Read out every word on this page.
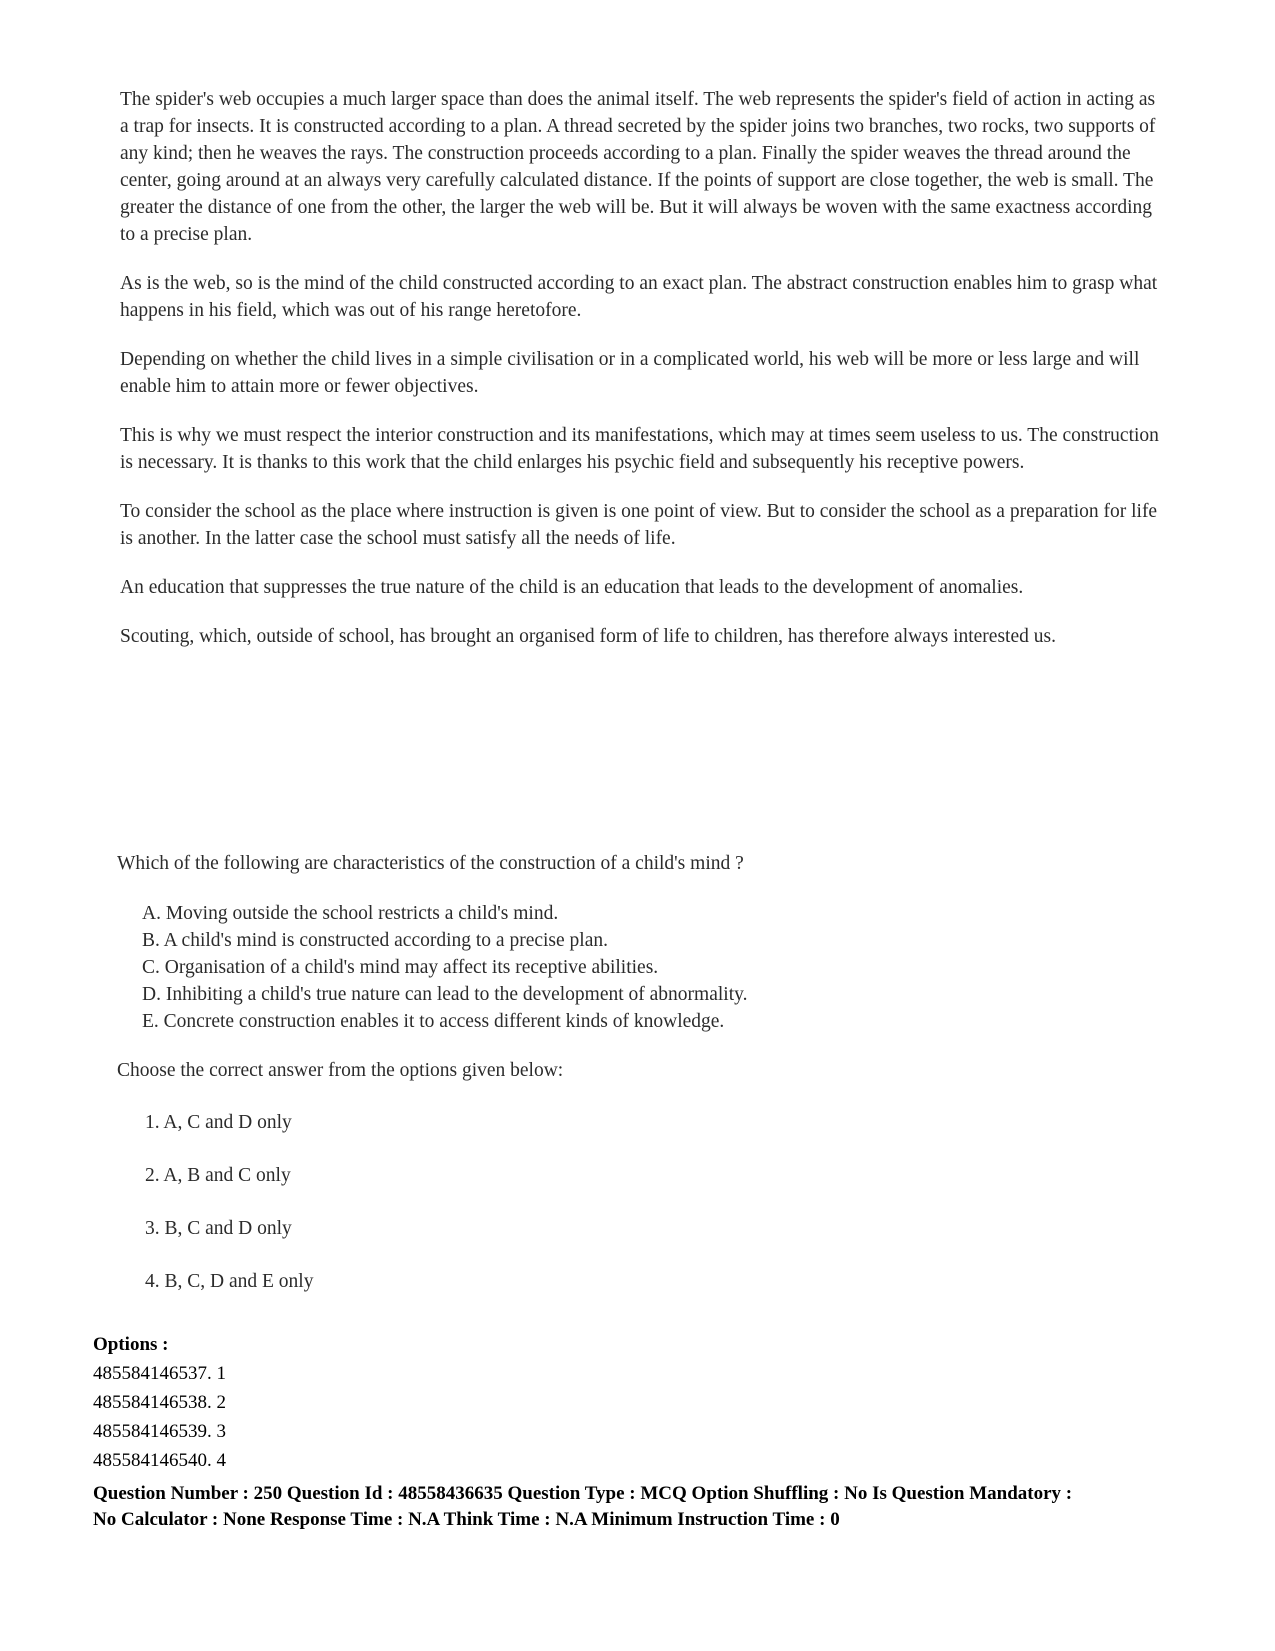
The spider's web occupies a much larger space than does the animal itself. The web represents the spider's field of action in acting as a trap for insects. It is constructed according to a plan. A thread secreted by the spider joins two branches, two rocks, two supports of any kind; then he weaves the rays. The construction proceeds according to a plan. Finally the spider weaves the thread around the center, going around at an always very carefully calculated distance. If the points of support are close together, the web is small. The greater the distance of one from the other, the larger the web will be. But it will always be woven with the same exactness according to a precise plan.

As is the web, so is the mind of the child constructed according to an exact plan. The abstract construction enables him to grasp what happens in his field, which was out of his range heretofore.

Depending on whether the child lives in a simple civilisation or in a complicated world, his web will be more or less large and will enable him to attain more or fewer objectives.

This is why we must respect the interior construction and its manifestations, which may at times seem useless to us. The construction is necessary. It is thanks to this work that the child enlarges his psychic field and subsequently his receptive powers.

To consider the school as the place where instruction is given is one point of view. But to consider the school as a preparation for life is another. In the latter case the school must satisfy all the needs of life.

An education that suppresses the true nature of the child is an education that leads to the development of anomalies.

Scouting, which, outside of school, has brought an organised form of life to children, has therefore always interested us.

Which of the following are characteristics of the construction of a child's mind ?

A. Moving outside the school restricts a child's mind.
B. A child's mind is constructed according to a precise plan.
C. Organisation of a child's mind may affect its receptive abilities.
D. Inhibiting a child's true nature can lead to the development of abnormality.
E. Concrete construction enables it to access different kinds of knowledge.

Choose the correct answer from the options given below:

1. A, C and D only
2. A, B and C only
3. B, C and D only
4. B, C, D and E only
Options :
485584146537. 1
485584146538. 2
485584146539. 3
485584146540. 4
Question Number : 250 Question Id : 48558436635 Question Type : MCQ Option Shuffling : No Is Question Mandatory :
No Calculator : None Response Time : N.A Think Time : N.A Minimum Instruction Time : 0
